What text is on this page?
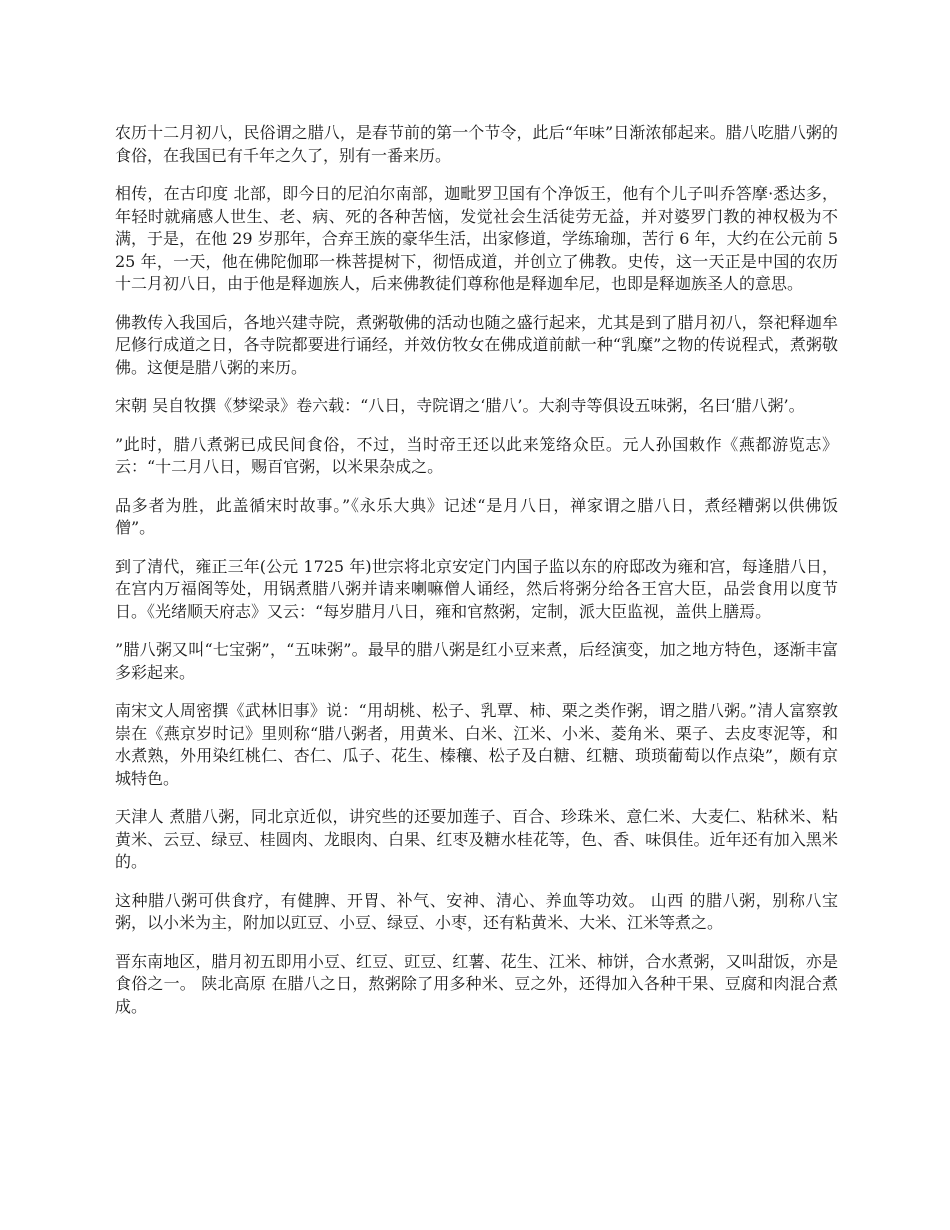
农历十二月初八，民俗谓之腊八，是春节前的第一个节令，此后“年味”日渐浓郁起来。腊八吃腊八粥的食俗，在我国已有千年之久了，别有一番来历。

相传，在古印度 北部，即今日的尼泊尔南部，迦毗罗卫国有个净饭王，他有个儿子叫乔答摩·悉达多，年轻时就痛感人世生、老、病、死的各种苦恼，发觉社会生活徒劳无益，并对婆罗门教的神权极为不满，于是，在他 29 岁那年，合弃王族的豪华生活，出家修道，学练瑜珈，苦行 6 年，大约在公元前 525 年，一天，他在佛陀伽耶一株菩提树下，彻悟成道，并创立了佛教。史传，这一天正是中国的农历十二月初八日，由于他是释迦族人，后来佛教徒们尊称他是释迦牟尼，也即是释迦族圣人的意思。

佛教传入我国后，各地兴建寺院，煮粥敬佛的活动也随之盛行起来，尤其是到了腊月初八，祭祀释迦牟尼修行成道之日，各寺院都要进行诵经，并效仿牧女在佛成道前献一种“乳糜”之物的传说程式，煮粥敬佛。这便是腊八粥的来历。

宋朝 吴自牧撰《梦梁录》卷六载：“八日，寺院谓之‘腊八’。大刹寺等俱设五味粥，名曰‘腊八粥’。

”此时，腊八煮粥已成民间食俗，不过，当时帝王还以此来笼络众臣。元人孙国敕作《燕都游览志》云：“十二月八日，赐百官粥，以米果杂成之。

品多者为胜，此盖循宋时故事。”《永乐大典》记述“是月八日，禅家谓之腊八日，煮经糟粥以供佛饭僧”。

到了清代，雍正三年(公元 1725 年)世宗将北京安定门内国子监以东的府邸改为雍和宫，每逢腊八日，在宫内万福阁等处，用锅煮腊八粥并请来喇嘛僧人诵经，然后将粥分给各王宫大臣，品尝食用以度节日。《光绪顺天府志》又云：“每岁腊月八日，雍和官熬粥，定制，派大臣监视，盖供上膳焉。

”腊八粥又叫“七宝粥”，“五味粥”。最早的腊八粥是红小豆来煮，后经演变，加之地方特色，逐渐丰富多彩起来。

南宋文人周密撰《武林旧事》说：“用胡桃、松子、乳覃、柿、栗之类作粥，谓之腊八粥。”清人富察敦崇在《燕京岁时记》里则称“腊八粥者，用黄米、白米、江米、小米、菱角米、栗子、去皮枣泥等，和水煮熟，外用染红桃仁、杏仁、瓜子、花生、榛穰、松子及白糖、红糖、琐琐葡萄以作点染”，颇有京城特色。

天津人 煮腊八粥，同北京近似，讲究些的还要加莲子、百合、珍珠米、意仁米、大麦仁、粘秫米、粘黄米、云豆、绿豆、桂圆肉、龙眼肉、白果、红枣及糖水桂花等，色、香、味俱佳。近年还有加入黑米的。

这种腊八粥可供食疗，有健脾、开胃、补气、安神、清心、养血等功效。 山西 的腊八粥，别称八宝粥，以小米为主，附加以豇豆、小豆、绿豆、小枣，还有粘黄米、大米、江米等煮之。

晋东南地区，腊月初五即用小豆、红豆、豇豆、红薯、花生、江米、柿饼，合水煮粥，又叫甜饭，亦是食俗之一。 陕北高原 在腊八之日，熬粥除了用多种米、豆之外，还得加入各种干果、豆腐和肉混合煮成。
